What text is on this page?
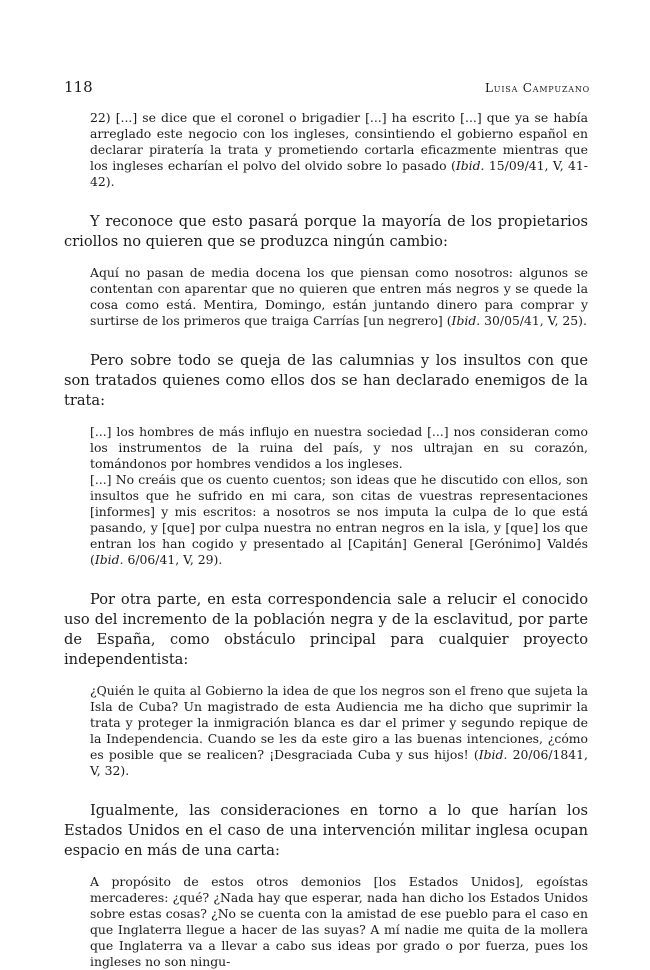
118	Luisa Campuzano

22) [...] se dice que el coronel o brigadier [...] ha escrito [...] que ya se había arreglado este negocio con los ingleses, consintiendo el gobierno español en declarar piratería la trata y prometiendo cortarla eficazmente mientras que los ingleses echarían el polvo del olvido sobre lo pasado (Ibid. 15/09/41, V, 41-42).

Y reconoce que esto pasará porque la mayoría de los propietarios criollos no quieren que se produzca ningún cambio:

Aquí no pasan de media docena los que piensan como nosotros: algunos se contentan con aparentar que no quieren que entren más negros y se quede la cosa como está. Mentira, Domingo, están juntando dinero para comprar y surtirse de los primeros que traiga Carrías [un negrero] (Ibid. 30/05/41, V, 25).

Pero sobre todo se queja de las calumnias y los insultos con que son tratados quienes como ellos dos se han declarado enemigos de la trata:

[...] los hombres de más influjo en nuestra sociedad [...] nos consideran como los instrumentos de la ruina del país, y nos ultrajan en su corazón, tomándonos por hombres vendidos a los ingleses.

[...] No creáis que os cuento cuentos; son ideas que he discutido con ellos, son insultos que he sufrido en mi cara, son citas de vuestras representaciones [informes] y mis escritos: a nosotros se nos imputa la culpa de lo que está pasando, y [que] por culpa nuestra no entran negros en la isla, y [que] los que entran los han cogido y presentado al [Capitán] General [Gerónimo] Valdés (Ibid. 6/06/41, V, 29).

Por otra parte, en esta correspondencia sale a relucir el conocido uso del incremento de la población negra y de la esclavitud, por parte de España, como obstáculo principal para cualquier proyecto independentista:

¿Quién le quita al Gobierno la idea de que los negros son el freno que sujeta la Isla de Cuba? Un magistrado de esta Audiencia me ha dicho que suprimir la trata y proteger la inmigración blanca es dar el primer y segundo repique de la Independencia. Cuando se les da este giro a las buenas intenciones, ¿cómo es posible que se realicen? ¡Desgraciada Cuba y sus hijos! (Ibid. 20/06/1841, V, 32).

Igualmente, las consideraciones en torno a lo que harían los Estados Unidos en el caso de una intervención militar inglesa ocupan espacio en más de una carta:

A propósito de estos otros demonios [los Estados Unidos], egoístas mercaderes: ¿qué? ¿Nada hay que esperar, nada han dicho los Estados Unidos sobre estas cosas? ¿No se cuenta con la amistad de ese pueblo para el caso en que Inglaterra llegue a hacer de las suyas? A mí nadie me quita de la mollera que Inglaterra va a llevar a cabo sus ideas por grado o por fuerza, pues los ingleses no son ningu-
